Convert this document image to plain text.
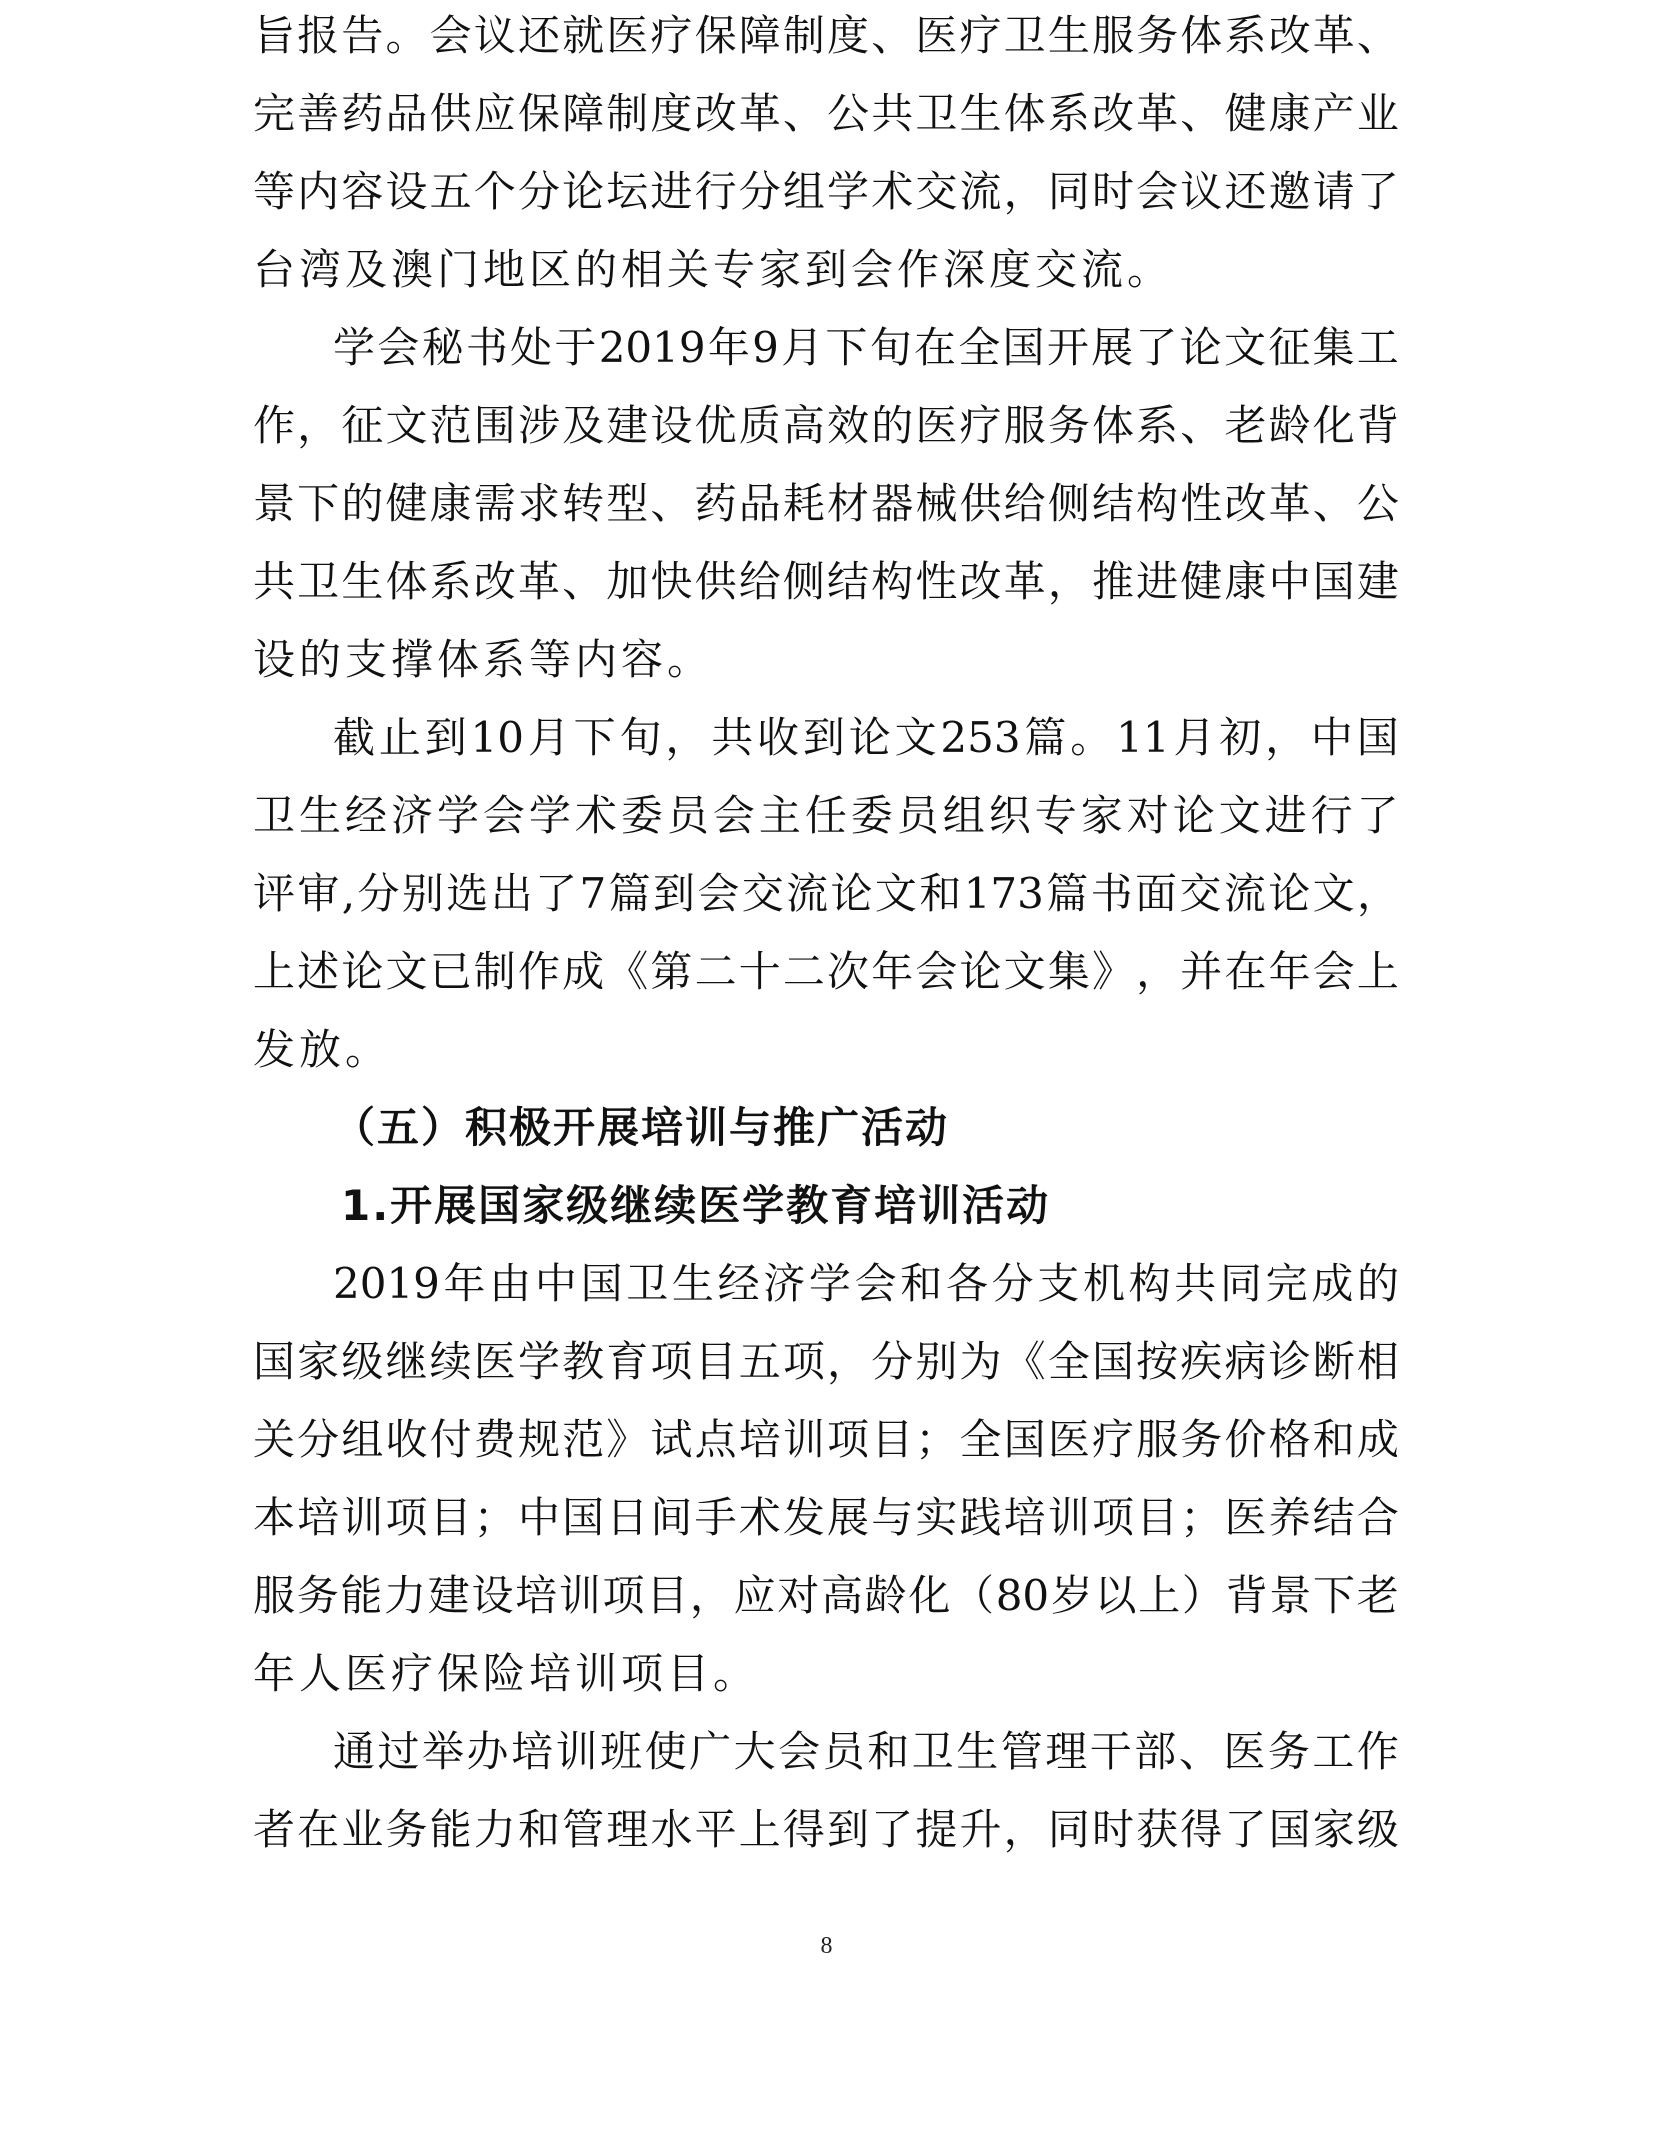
旨 报 告 。 会 议 还 就 医 疗 保 障 制 度 、 医 疗 卫 生 服 务 体 系 改 革 、
完 善 药 品 供 应 保 障 制 度 改 革 、 公 共 卫 生 体 系 改 革 、 健 康 产 业
等 内 容 设 五 个 分 论 坛 进 行 分 组 学 术 交 流 ， 同 时 会 议 还 邀 请 了
台湾及澳门地区的相关专家到会作深度交流。
学 会 秘 书 处 于 2019 年 9 月 下 旬 在 全 国 开 展 了 论 文 征 集 工
作 ， 征 文 范 围 涉 及 建 设 优 质 高 效 的 医 疗 服 务 体 系 、 老 龄 化 背
景 下 的 健 康 需 求 转 型 、 药 品 耗 材 器 械 供 给 侧 结 构 性 改 革 、 公
共 卫 生 体 系 改 革 、 加 快 供 给 侧 结 构 性 改 革 ， 推 进 健 康 中 国 建
设的支撑体系等内容。
截 止 到 10 月 下 旬 ， 共 收 到 论 文 253 篇 。 11 月 初 ， 中 国
卫 生 经 济 学 会 学 术 委 员 会 主 任 委 员 组 织 专 家 对 论 文 进 行 了
评 审 , 分 别 选 出 了 7 篇 到 会 交 流 论 文 和 173 篇 书 面 交 流 论 文 ，
上 述 论 文 已 制 作 成 《 第 二 十 二 次 年 会 论 文 集 》 ， 并 在 年 会 上
发放。
（五）积极开展培训与推广活动
1.开展国家级继续医学教育培训活动
2019 年 由 中 国 卫 生 经 济 学 会 和 各 分 支 机 构 共 同 完 成 的
国 家 级 继 续 医 学 教 育 项 目 五 项 ， 分 别 为 《 全 国 按 疾 病 诊 断 相
关 分 组 收 付 费 规 范 》 试 点 培 训 项 目 ； 全 国 医 疗 服 务 价 格 和 成
本 培 训 项 目 ； 中 国 日 间 手 术 发 展 与 实 践 培 训 项 目 ； 医 养 结 合
服 务 能 力 建 设 培 训 项 目 ， 应 对 高 龄 化 （ 80 岁 以 上 ） 背 景 下 老
年人医疗保险培训项目。
通 过 举 办 培 训 班 使 广 大 会 员 和 卫 生 管 理 干 部 、 医 务 工 作
者 在 业 务 能 力 和 管 理 水 平 上 得 到 了 提 升 ， 同 时 获 得 了 国 家 级
8
